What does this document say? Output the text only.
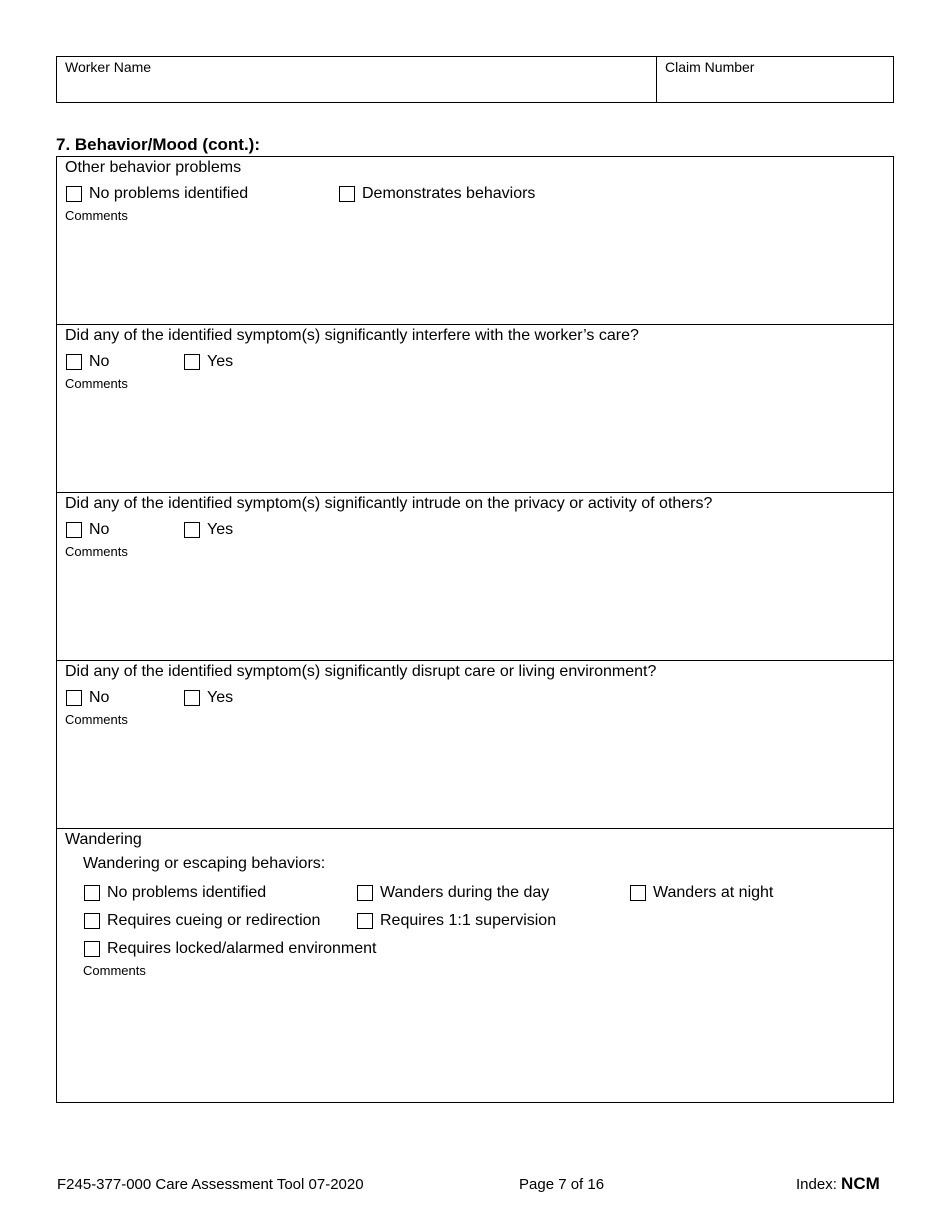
Worker Name	Claim Number
7. Behavior/Mood (cont.):
Other behavior problems
No problems identified	Demonstrates behaviors
Comments
Did any of the identified symptom(s) significantly interfere with the worker’s care?
No	Yes
Comments
Did any of the identified symptom(s) significantly intrude on the privacy or activity of others?
No	Yes
Comments
Did any of the identified symptom(s) significantly disrupt care or living environment?
No	Yes
Comments
Wandering
Wandering or escaping behaviors:
No problems identified	Wanders during the day	Wanders at night
Requires cueing or redirection	Requires 1:1 supervision
Requires locked/alarmed environment
Comments
F245-377-000 Care Assessment Tool 07-2020	Page 7 of 16	Index: NCM
